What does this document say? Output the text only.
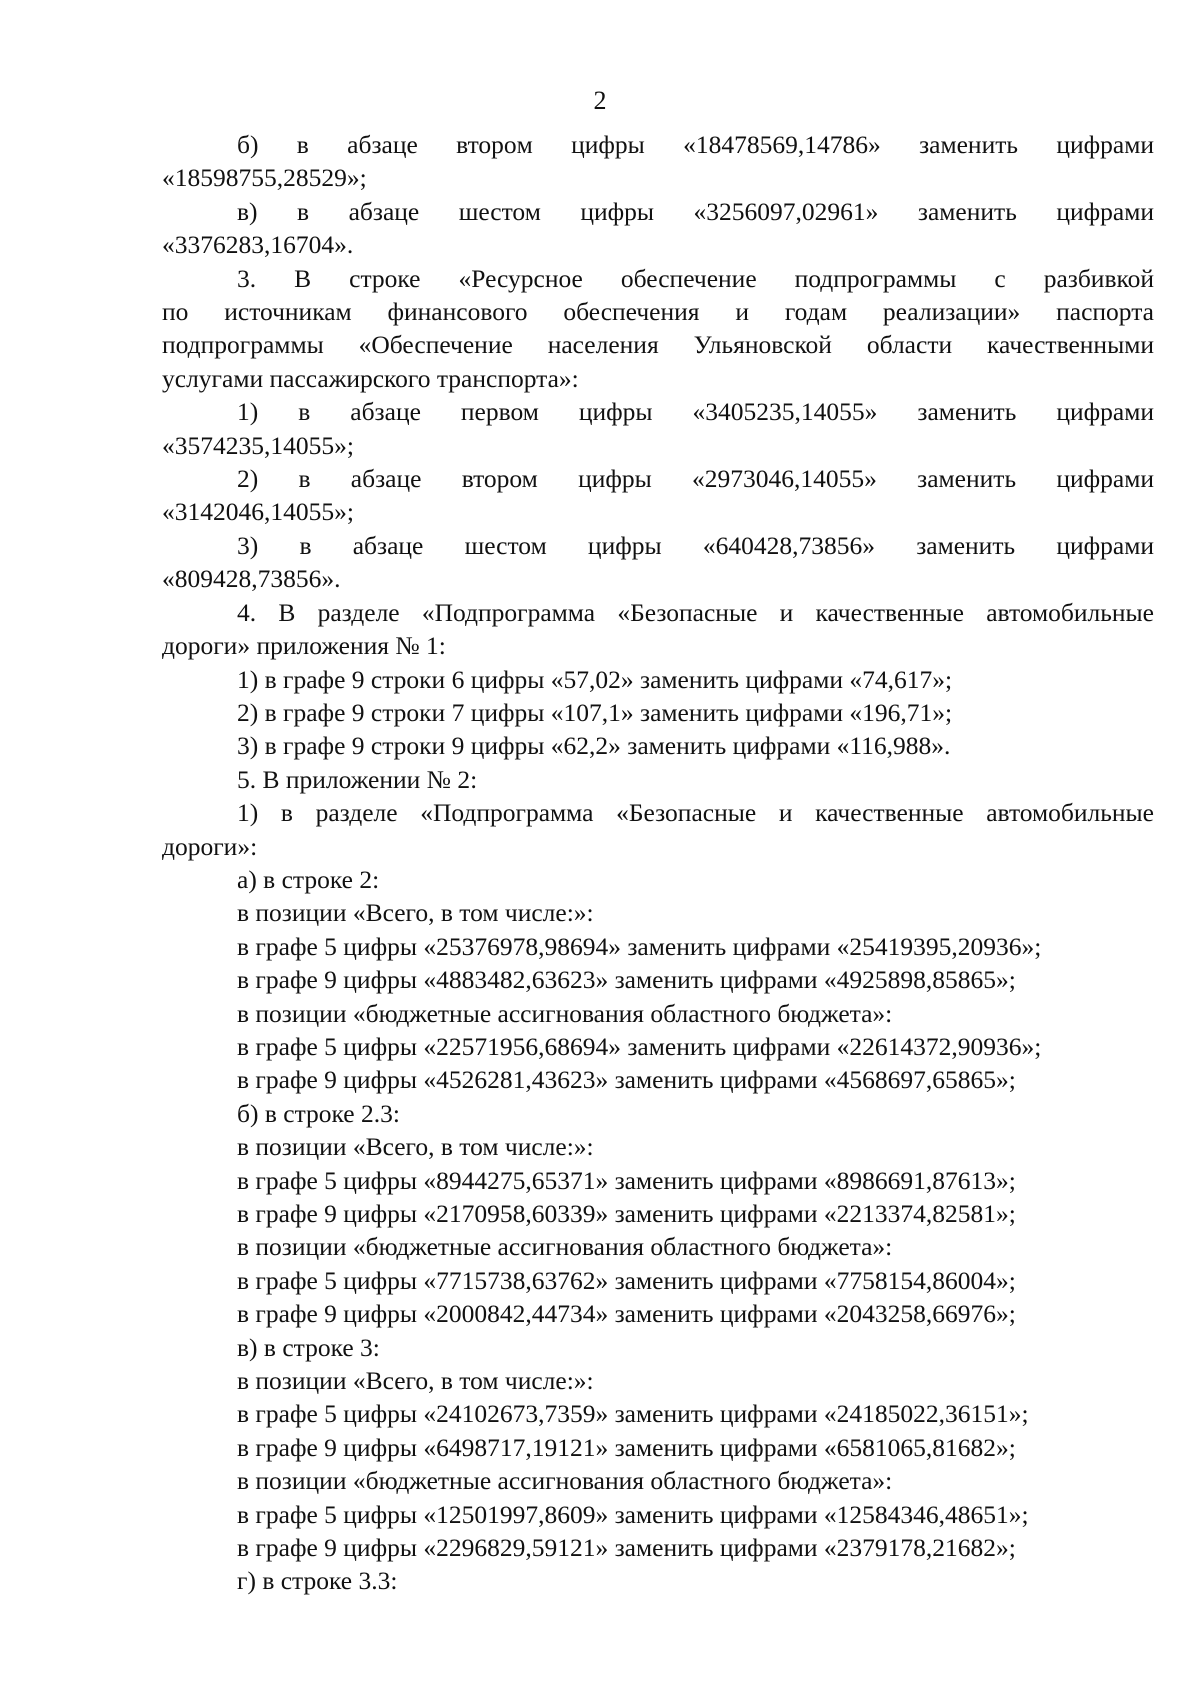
2

б) в абзаце вторoм цифры «18478569,14786» заменить цифрами

«18598755,28529»;

в) в абзаце шестом цифры «3256097,02961» заменить цифрами

«3376283,16704».

3. В строке «Ресурсное обеспечение подпрограммы с разбивкой

по источникам финансового обеспечения и годам реализации» паспорта

подпрограммы «Обеспечение населения Ульяновской области качественными

услугами пассажирского транспорта»:

1) в абзаце первом цифры «3405235,14055» заменить цифрами

«3574235,14055»;

2) в абзаце втором цифры «2973046,14055» заменить цифрами

«3142046,14055»;

3) в абзаце шестом цифры «640428,73856» заменить цифрами

«809428,73856».

4. В разделе «Подпрограмма «Безопасные и качественные автомобильные

дороги» приложения № 1:

1) в графе 9 строки 6 цифры «57,02» заменить цифрами «74,617»;

2) в графе 9 строки 7 цифры «107,1» заменить цифрами «196,71»;

3) в графе 9 строки 9 цифры «62,2» заменить цифрами «116,988».

5. В приложении № 2:

1) в разделе «Подпрограмма «Безопасные и качественные автомобильные

дороги»:

а) в строке 2:

в позиции «Всего, в том числе:»:

в графе 5 цифры «25376978,98694» заменить цифрами «25419395,20936»;

в графе 9 цифры «4883482,63623» заменить цифрами «4925898,85865»;

в позиции «бюджетные ассигнования областного бюджета»:

в графе 5 цифры «22571956,68694» заменить цифрами «22614372,90936»;

в графе 9 цифры «4526281,43623» заменить цифрами «4568697,65865»;

б) в строке 2.3:

в позиции «Всего, в том числе:»:

в графе 5 цифры «8944275,65371» заменить цифрами «8986691,87613»;

в графе 9 цифры «2170958,60339» заменить цифрами «2213374,82581»;

в позиции «бюджетные ассигнования областного бюджета»:

в графе 5 цифры «7715738,63762» заменить цифрами «7758154,86004»;

в графе 9 цифры «2000842,44734» заменить цифрами «2043258,66976»;

в) в строке 3:

в позиции «Всего, в том числе:»:

в графе 5 цифры «24102673,7359» заменить цифрами «24185022,36151»;

в графе 9 цифры «6498717,19121» заменить цифрами «6581065,81682»;

в позиции «бюджетные ассигнования областного бюджета»:

в графе 5 цифры «12501997,8609» заменить цифрами «12584346,48651»;

в графе 9 цифры «2296829,59121» заменить цифрами «2379178,21682»;

г) в строке 3.3:
